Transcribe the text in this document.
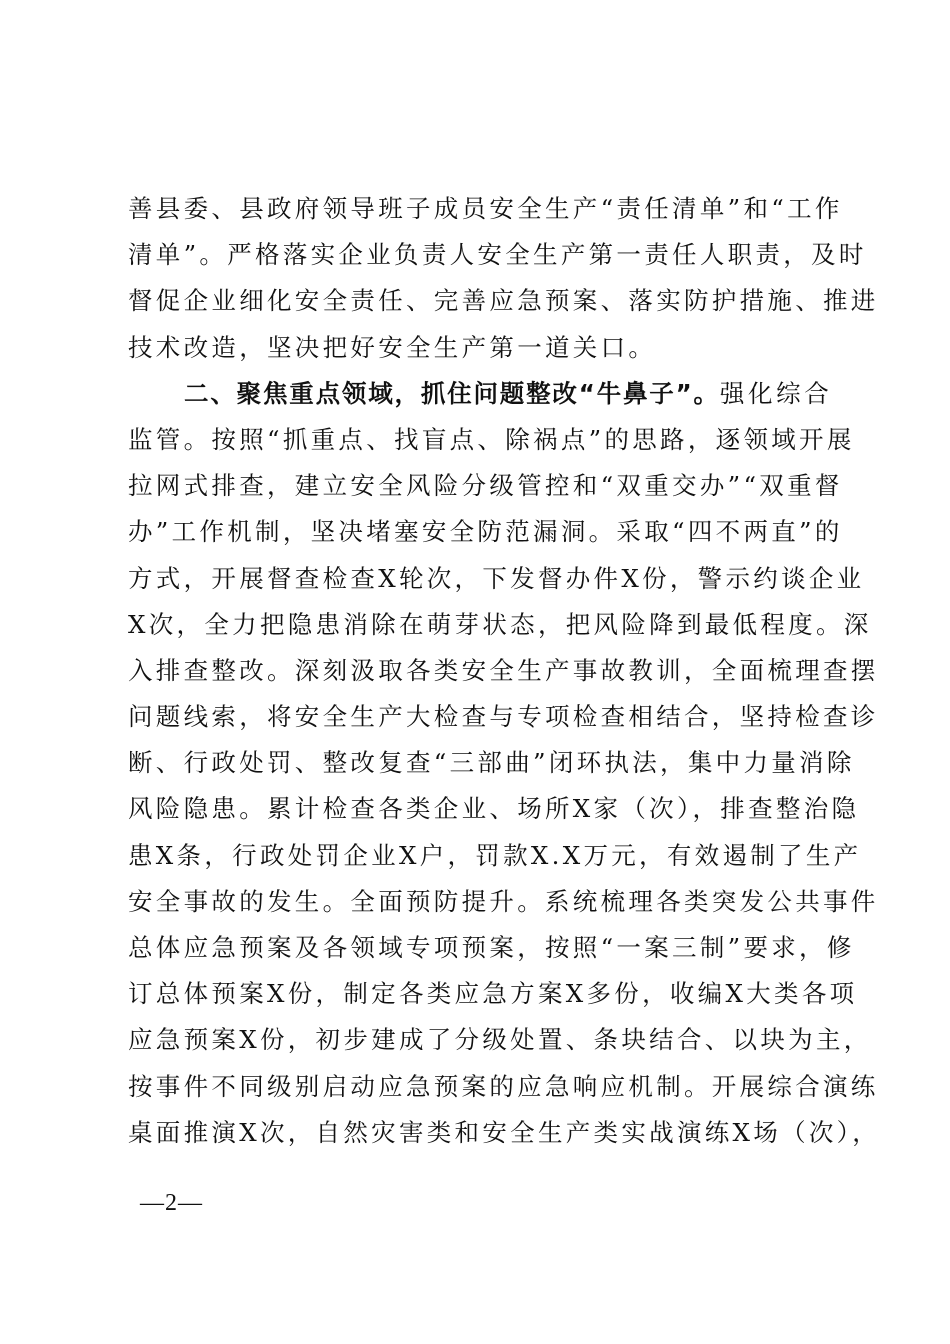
善县委、县政府领导班子成员安全生产“责任清单”和“工作
清单”。严格落实企业负责人安全生产第一责任人职责，及时
督促企业细化安全责任、完善应急预案、落实防护措施、推进
技术改造，坚决把好安全生产第一道关口。
二、聚焦重点领域，抓住问题整改“牛鼻子”。强化综合
监管。按照“抓重点、找盲点、除祸点”的思路，逐领域开展
拉网式排查，建立安全风险分级管控和“双重交办”“双重督
办”工作机制，坚决堵塞安全防范漏洞。采取“四不两直”的
方式，开展督查检查X轮次，下发督办件X份，警示约谈企业
X次，全力把隐患消除在萌芽状态，把风险降到最低程度。深
入排查整改。深刻汲取各类安全生产事故教训，全面梳理查摆
问题线索，将安全生产大检查与专项检查相结合，坚持检查诊
断、行政处罚、整改复查“三部曲”闭环执法，集中力量消除
风险隐患。累计检查各类企业、场所X家（次），排查整治隐
患X条，行政处罚企业X户，罚款X.X万元，有效遏制了生产
安全事故的发生。全面预防提升。系统梳理各类突发公共事件
总体应急预案及各领域专项预案，按照“一案三制”要求，修
订总体预案X份，制定各类应急方案X多份，收编X大类各项
应急预案X份，初步建成了分级处置、条块结合、以块为主，
按事件不同级别启动应急预案的应急响应机制。开展综合演练
桌面推演X次，自然灾害类和安全生产类实战演练X场（次），
—2—
